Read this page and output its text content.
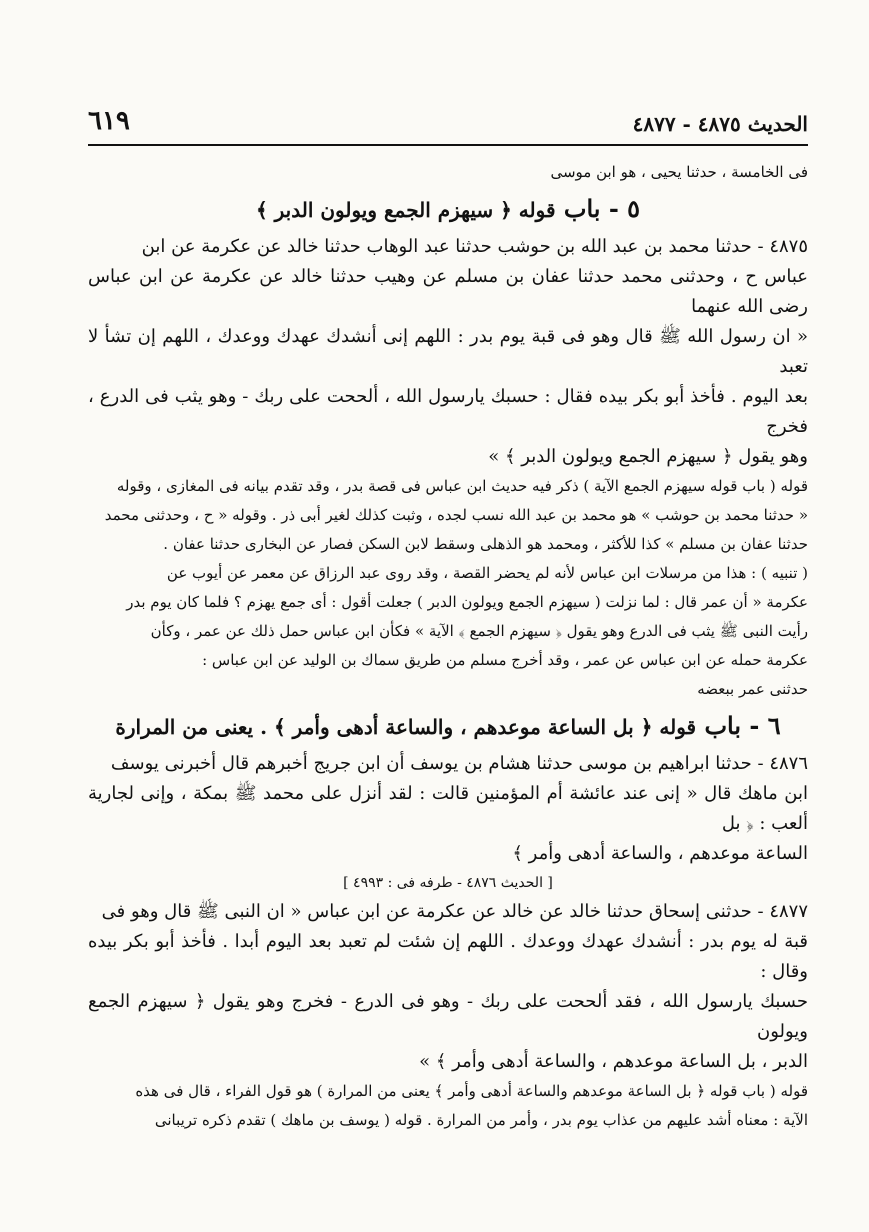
الحديث ٤٨٧٥ - ٤٨٧٧
٦١٩
فى الخامسة ، حدثنا يحيى ، هو ابن موسى
٥ - باب قوله ﴿ سيهزم الجمع ويولون الدبر ﴾
٤٨٧٥ - حدثنا محمد بن عبد الله بن حوشب حدثنا عبد الوهاب حدثنا خالد عن عكرمة عن ابن
عباس ح ، وحدثنى محمد حدثنا عفان بن مسلم عن وهيب حدثنا خالد عن عكرمة عن ابن عباس رضى الله عنهما
« ان رسول الله ﷺ قال وهو فى قبة يوم بدر : اللهم إنى أنشدك عهدك ووعدك ، اللهم إن تشأ لا تعبد
بعد اليوم . فأخذ أبو بكر بيده فقال : حسبك يارسول الله ، ألححت على ربك - وهو يثب فى الدرع ، فخرج
وهو يقول ﴿ سيهزم الجمع ويولون الدبر ﴾ »
قوله ( باب قوله سيهزم الجمع الآية ) ذكر فيه حديث ابن عباس فى قصة بدر ، وقد تقدم بيانه فى المغازى ، وقوله
« حدثنا محمد بن حوشب » هو محمد بن عبد الله نسب لجده ، وثبت كذلك لغير أبى ذر . وقوله « ح ، وحدثنى محمد
حدثنا عفان بن مسلم » كذا للأكثر ، ومحمد هو الذهلى وسقط لابن السكن فصار عن البخارى حدثنا عفان .
( تنبيه ) : هذا من مرسلات ابن عباس لأنه لم يحضر القصة ، وقد روى عبد الرزاق عن معمر عن أيوب عن
عكرمة « أن عمر قال : لما نزلت ( سيهزم الجمع ويولون الدبر ) جعلت أقول : أى جمع يهزم ؟ فلما كان يوم بدر
رأيت النبى ﷺ يثب فى الدرع وهو يقول ﴿ سيهزم الجمع ﴾ الآية » فكأن ابن عباس حمل ذلك عن عمر ، وكأن
عكرمة حمله عن ابن عباس عن عمر ، وقد أخرج مسلم من طريق سماك بن الوليد عن ابن عباس :
حدثنى عمر ببعضه
٦ - باب قوله ﴿ بل الساعة موعدهم ، والساعة أدهى وأمر ﴾ . يعنى من المرارة
٤٨٧٦ - حدثنا ابراهيم بن موسى حدثنا هشام بن يوسف أن ابن جريج أخبرهم قال أخبرنى يوسف
ابن ماهك قال « إنى عند عائشة أم المؤمنين قالت : لقد أنزل على محمد ﷺ بمكة ، وإنى لجارية ألعب : ﴿ بل
الساعة موعدهم ، والساعة أدهى وأمر ﴾
[ الحديث ٤٨٧٦ - طرفه فى : ٤٩٩٣ ]
٤٨٧٧ - حدثنى إسحاق حدثنا خالد عن خالد عن عكرمة عن ابن عباس « ان النبى ﷺ قال وهو فى
قبة له يوم بدر : أنشدك عهدك ووعدك . اللهم إن شئت لم تعبد بعد اليوم أبدا . فأخذ أبو بكر بيده وقال :
حسبك يارسول الله ، فقد ألححت على ربك - وهو فى الدرع - فخرج وهو يقول ﴿ سيهزم الجمع ويولون
الدبر ، بل الساعة موعدهم ، والساعة أدهى وأمر ﴾ »
قوله ( باب قوله ﴿ بل الساعة موعدهم والساعة أدهى وأمر ﴾ يعنى من المرارة ) هو قول الفراء ، قال فى هذه
الآية : معناه أشد عليهم من عذاب يوم بدر ، وأمر من المرارة . قوله ( يوسف بن ماهك ) تقدم ذكره تريبانى
